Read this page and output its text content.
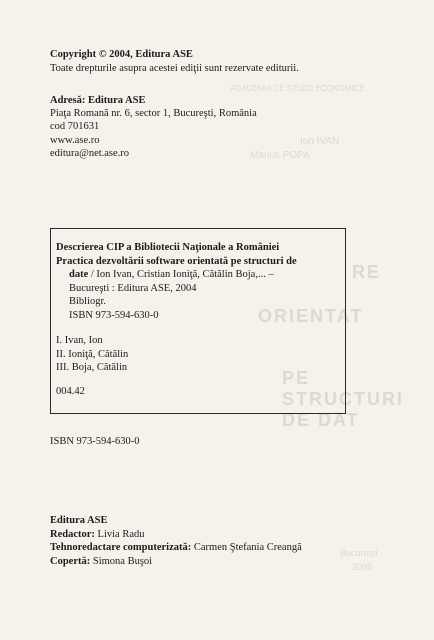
ACADEMIA DE STUDII ECONOMICE
Ion IVAN
Marius POPA
RE
ORIENTAT
PE STRUCTURI DE DAT
Bucureşti
2005
Copyright © 2004, Editura ASE
Toate drepturile asupra acestei ediţii sunt rezervate editurii.
Adresă: Editura ASE
Piaţa Romană nr. 6, sector 1, Bucureşti, România
cod 701631
www.ase.ro
editura@net.ase.ro
Descrierea CIP a Bibliotecii Naţionale a României
Practica dezvoltării software orientată pe structuri de
date / Ion Ivan, Cristian Ioniţă, Cătălin Boja,... –
Bucureşti : Editura ASE, 2004
Bibliogr.
ISBN 973-594-630-0
I. Ivan, Ion
II. Ioniţă, Cătălin
III. Boja, Cătălin
004.42
ISBN 973-594-630-0
Editura ASE
Redactor: Livia Radu
Tehnoredactare computerizată: Carmen Ştefania Creangă
Copertă: Simona Buşoi
